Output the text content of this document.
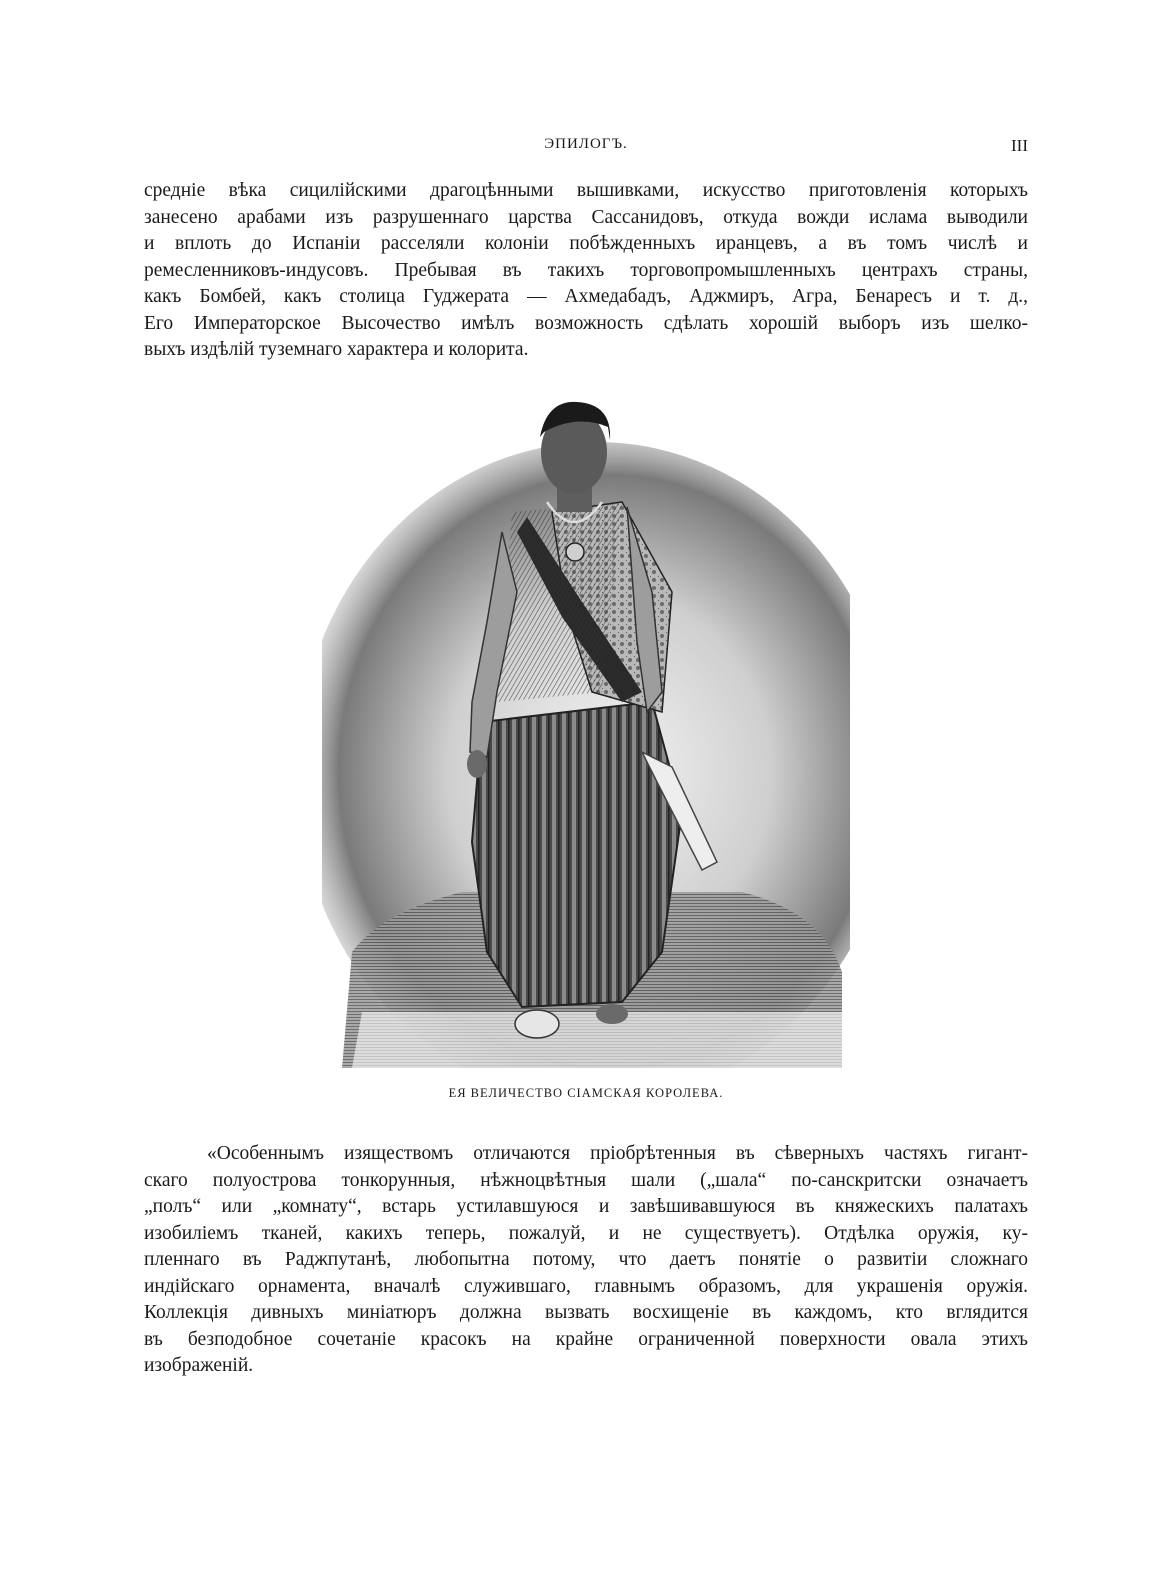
ЭПИЛОГЪ.	III
средніе вѣка сицилійскими драгоцѣнными вышивками, искусство приготовленія которыхъ
занесено арабами изъ разрушеннаго царства Сассанидовъ, откуда вожди ислама выводили
и вплоть до Испаніи расселяли колоніи побѣжденныхъ иранцевъ, а въ томъ числѣ и
ремесленниковъ-индусовъ. Пребывая въ такихъ торговопромышленныхъ центрахъ страны,
какъ Бомбей, какъ столица Гуджерата — Ахмедабадъ, Аджмиръ, Агра, Бенаресъ и т. д.,
Его Императорское Высочество имѣлъ возможность сдѣлать хорошій выборъ изъ шелко-
выхъ издѣлій туземнаго характера и колорита.
ЕЯ ВЕЛИЧЕСТВО СІАМСКАЯ КОРОЛЕВА.
«Особеннымъ изяществомъ отличаются пріобрѣтенныя въ сѣверныхъ частяхъ гигант-
скаго полуострова тонкорунныя, нѣжноцвѣтныя шали („шала“ по-санскритски означаетъ
„полъ“ или „комнату“, встарь устилавшуюся и завѣшивавшуюся въ княжескихъ палатахъ
изобиліемъ тканей, какихъ теперь, пожалуй, и не существуетъ). Отдѣлка оружія, ку-
пленнаго въ Раджпутанѣ, любопытна потому, что даетъ понятіе о развитіи сложнаго
индійскаго орнамента, вначалѣ служившаго, главнымъ образомъ, для украшенія оружія.
Коллекція дивныхъ миніатюръ должна вызвать восхищеніе въ каждомъ, кто вглядится
въ безподобное сочетаніе красокъ на крайне ограниченной поверхности овала этихъ
изображеній.
